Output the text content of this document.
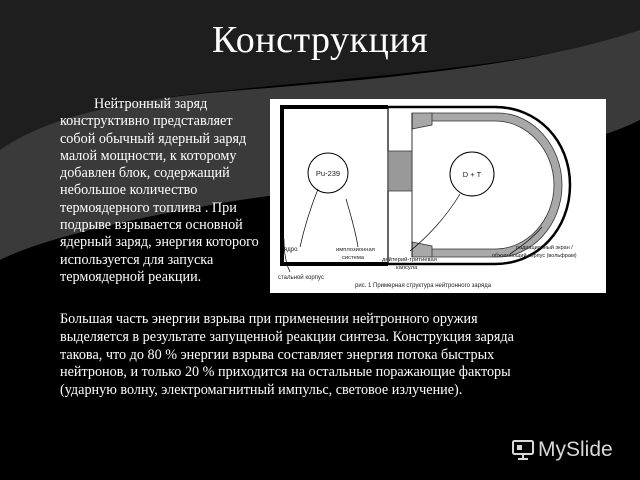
Конструкция
Нейтронный заряд конструктивно представляет собой обычный ядерный заряд малой мощности, к которому добавлен блок, содержащий небольшое количество термоядерного топлива . При подрыве взрывается основной ядерный заряд, энергия которого используется для запуска термоядерной реакции.
Pu-239	D + T
ядро	имплозионная
система
стальной корпус
дейтерий-тритиевая
капсула
радиационный экран /
обжимающий корпус (вольфрам)
рис. 1 Примерная структура нейтронного заряда
Большая часть энергии взрыва при применении нейтронного оружия выделяется в результате запущенной реакции синтеза. Конструкция заряда такова, что до 80 % энергии взрыва составляет энергия потока быстрых нейтронов, и только 20 % приходится на остальные поражающие факторы (ударную волну, электромагнитный импульс, световое излучение).
MySlide
